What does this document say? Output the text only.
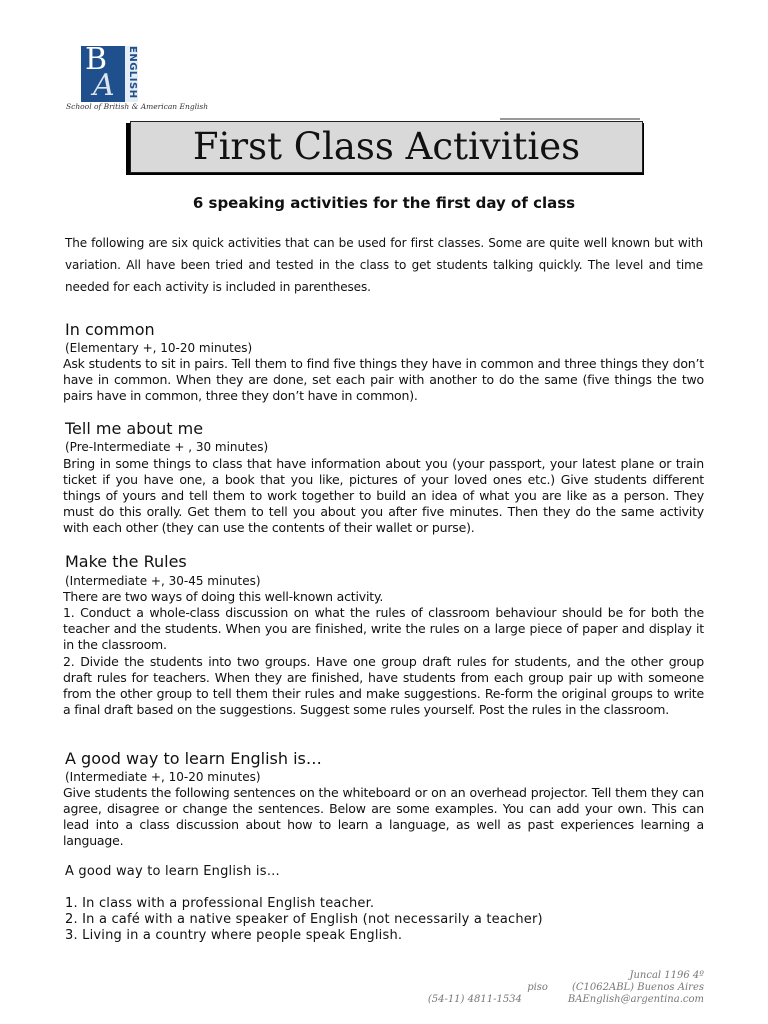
B
A ENGLISH
School of British & American English
First Class Activities
6 speaking activities for the first day of class
The following are six quick activities that can be used for first classes. Some are quite well known but with variation. All have been tried and tested in the class to get students talking quickly. The level and time needed for each activity is included in parentheses.
In common
(Elementary +, 10-20 minutes)
Ask students to sit in pairs. Tell them to find five things they have in common and three things they don’t have in common. When they are done, set each pair with another to do the same (five things the two pairs have in common, three they don’t have in common).
Tell me about me
(Pre-Intermediate + , 30 minutes)
Bring in some things to class that have information about you (your passport, your latest plane or train ticket if you have one, a book that you like, pictures of your loved ones etc.) Give students different things of yours and tell them to work together to build an idea of what you are like as a person. They must do this orally. Get them to tell you about you after five minutes. Then they do the same activity with each other (they can use the contents of their wallet or purse).
Make the Rules
(Intermediate +, 30-45 minutes)
There are two ways of doing this well-known activity.
1. Conduct a whole-class discussion on what the rules of classroom behaviour should be for both the teacher and the students. When you are finished, write the rules on a large piece of paper and display it in the classroom.
2. Divide the students into two groups. Have one group draft rules for students, and the other group draft rules for teachers. When they are finished, have students from each group pair up with someone from the other group to tell them their rules and make suggestions. Re-form the original groups to write a final draft based on the suggestions. Suggest some rules yourself. Post the rules in the classroom.
A good way to learn English is…
(Intermediate +, 10-20 minutes)
Give students the following sentences on the whiteboard or on an overhead projector. Tell them they can agree, disagree or change the sentences. Below are some examples. You can add your own. This can lead into a class discussion about how to learn a language, as well as past experiences learning a language.
A good way to learn English is…
1. In class with a professional English teacher.
2. In a café with a native speaker of English (not necessarily a teacher)
3. Living in a country where people speak English.
Juncal 1196 4º
piso	(C1062ABL) Buenos Aires
(54-11) 4811-1534	BAEnglish@argentina.com
